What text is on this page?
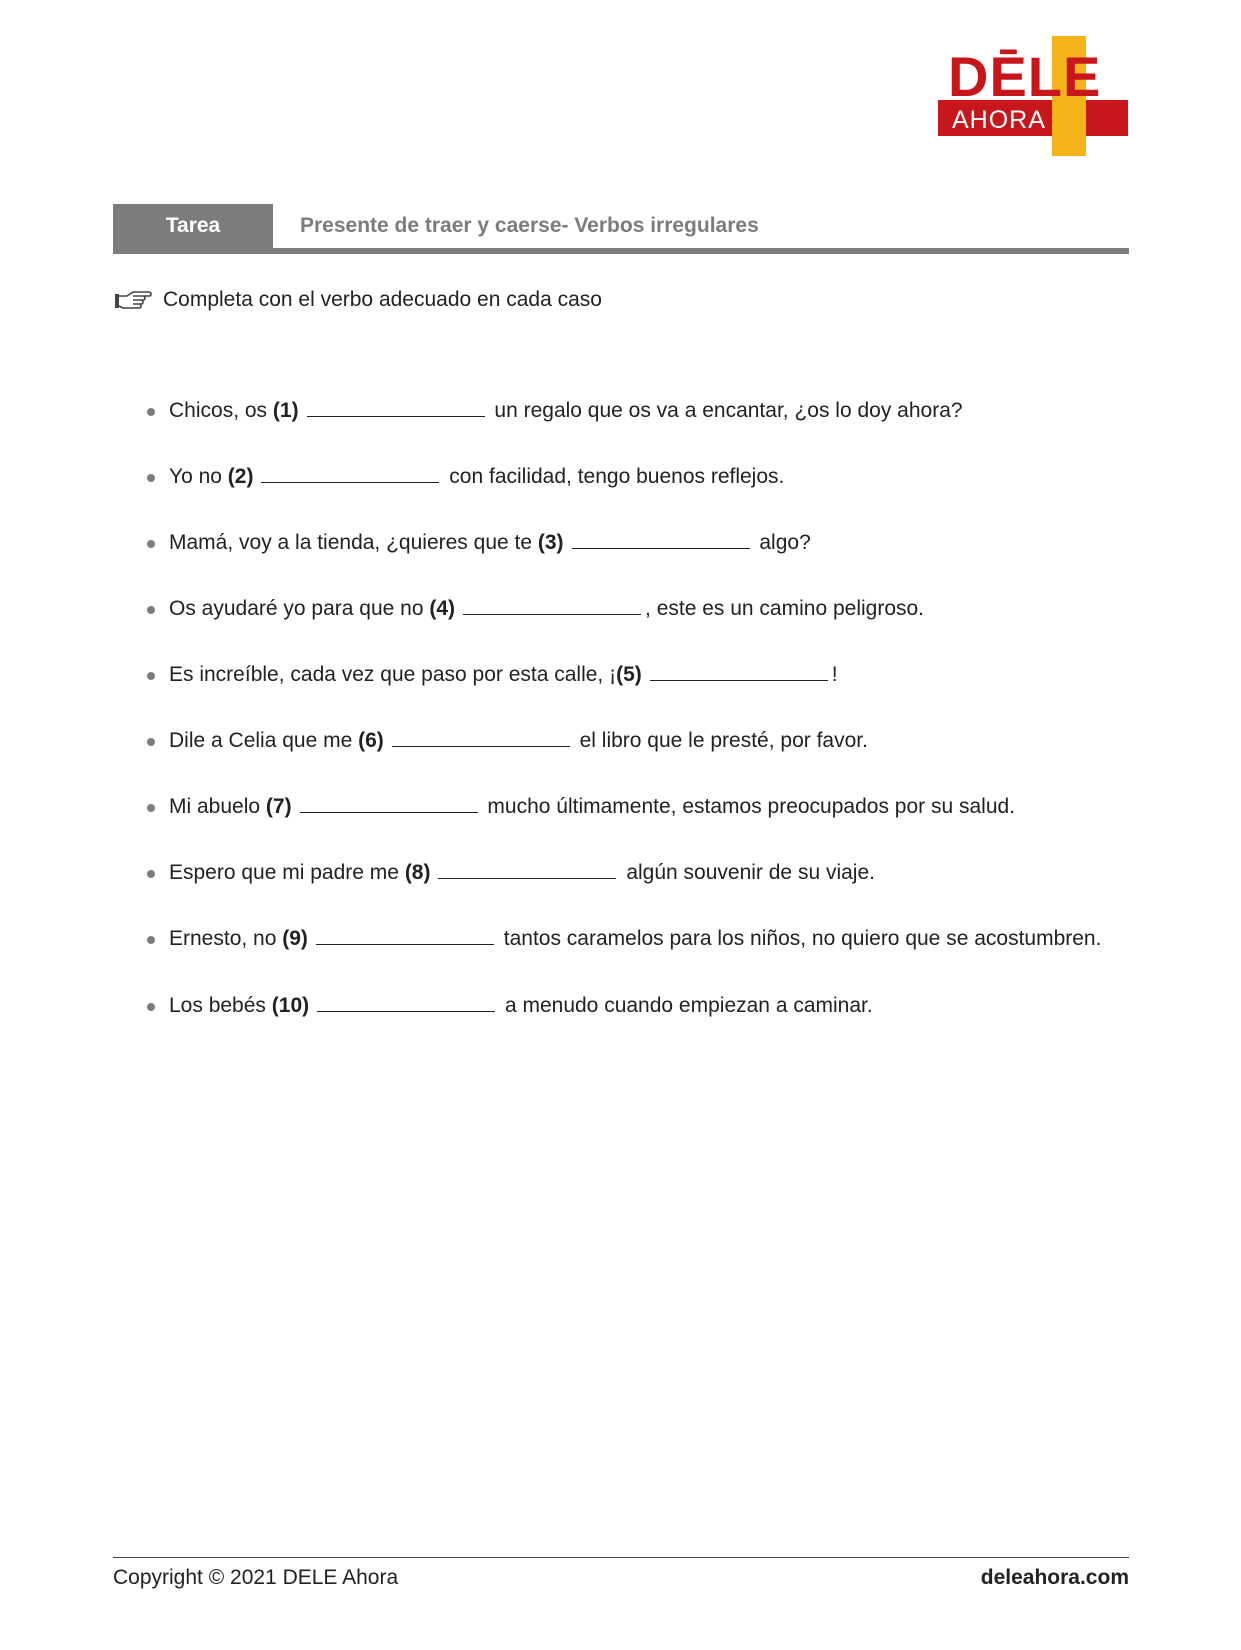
DĒLE
AHORA
Tarea	Presente de traer y caerse- Verbos irregulares
Completa con el verbo adecuado en cada caso
Chicos, os (1)	un regalo que os va a encantar, ¿os lo doy ahora?
Yo no (2)	con facilidad, tengo buenos reflejos.
Mamá, voy a la tienda, ¿quieres que te (3)	algo?
Os ayudaré yo para que no (4)	, este es un camino peligroso.
Es increíble, cada vez que paso por esta calle, ¡(5)	!
Dile a Celia que me (6)	el libro que le presté, por favor.
Mi abuelo (7)	mucho últimamente, estamos preocupados por su salud.
Espero que mi padre me (8)	algún souvenir de su viaje.
Ernesto, no (9)	tantos caramelos para los niños, no quiero que se acostumbren.
Los bebés (10)	a menudo cuando empiezan a caminar.
Copyright © 2021 DELE Ahora	deleahora.com
